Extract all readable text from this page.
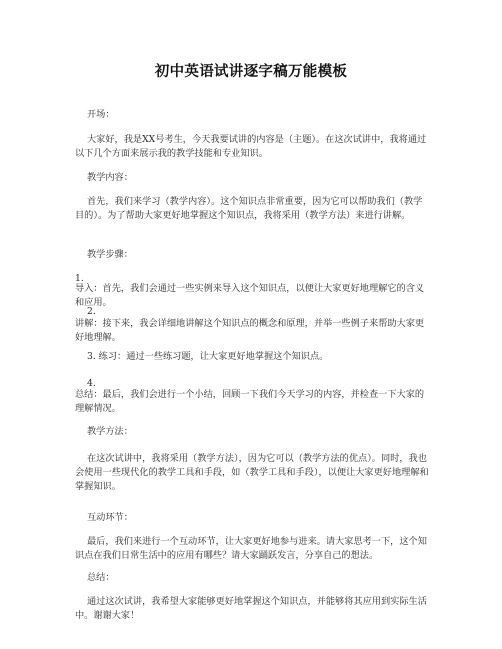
初中英语试讲逐字稿万能模板
开场：
大家好，我是XX号考生，今天我要试讲的内容是（主题）。在这次试讲中，我将通过以下几个方面来展示我的教学技能和专业知识。
教学内容：
首先，我们来学习（教学内容）。这个知识点非常重要，因为它可以帮助我们（教学目的）。为了帮助大家更好地掌握这个知识点，我将采用（教学方法）来进行讲解。
教学步骤：
1.
导入：首先，我们会通过一些实例来导入这个知识点，以便让大家更好地理解它的含义和应用。
2.
讲解：接下来，我会详细地讲解这个知识点的概念和原理，并举一些例子来帮助大家更好地理解。
3. 练习：通过一些练习题，让大家更好地掌握这个知识点。
4.
总结：最后，我们会进行一个小结，回顾一下我们今天学习的内容，并检查一下大家的理解情况。
教学方法：
在这次试讲中，我将采用（教学方法），因为它可以（教学方法的优点）。同时，我也会使用一些现代化的教学工具和手段，如（教学工具和手段），以便让大家更好地理解和掌握知识。
互动环节：
最后，我们来进行一个互动环节，让大家更好地参与进来。请大家思考一下，这个知识点在我们日常生活中的应用有哪些？请大家踊跃发言，分享自己的想法。
总结：
通过这次试讲，我希望大家能够更好地掌握这个知识点，并能够将其应用到实际生活中。谢谢大家！
